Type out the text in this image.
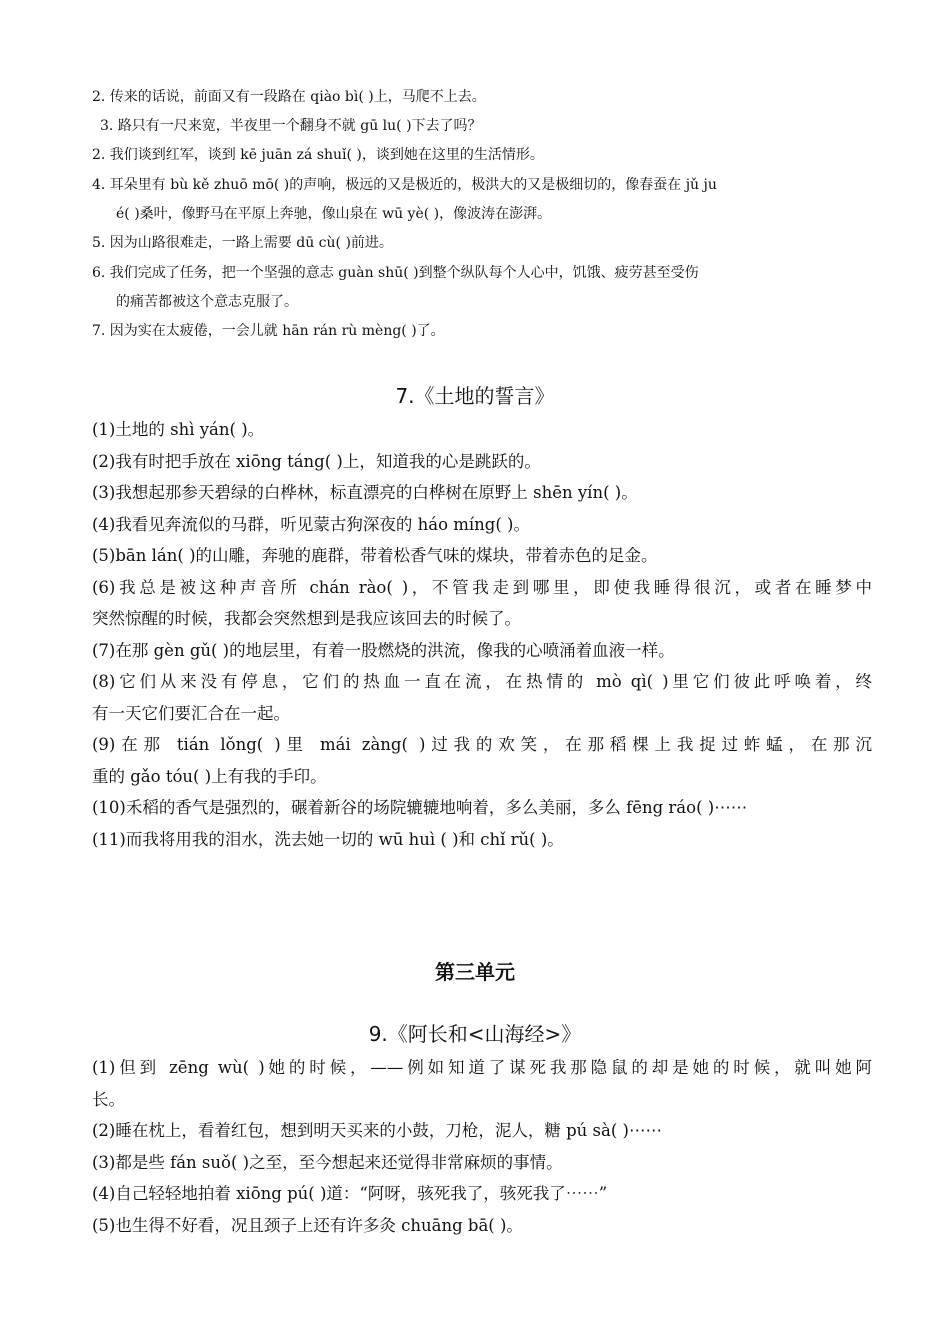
2. 传来的话说，前面又有一段路在 qiào bì( )上，马爬不上去。
3. 路只有一尺来宽，半夜里一个翻身不就 gū lu( )下去了吗？
2. 我们谈到红军，谈到 kē juān zá shuǐ( )，谈到她在这里的生活情形。
4. 耳朵里有 bù kě zhuō mō( )的声响，极远的又是极近的，极洪大的又是极细切的，像春蚕在 jǔ ju
é( )桑叶，像野马在平原上奔驰，像山泉在 wū yè( )，像波涛在澎湃。
5. 因为山路很难走，一路上需要 dū cù( )前进。
6. 我们完成了任务，把一个坚强的意志 guàn shū( )到整个纵队每个人心中，饥饿、疲劳甚至受伤
的痛苦都被这个意志克服了。
7. 因为实在太疲倦，一会儿就 hān rán rù mèng( )了。
7.《土地的誓言》
(1)土地的 shì yán( )。
(2)我有时把手放在 xiōng táng( )上，知道我的心是跳跃的。
(3)我想起那参天碧绿的白桦林，标直漂亮的白桦树在原野上 shēn yín( )。
(4)我看见奔流似的马群，听见蒙古狗深夜的 háo míng( )。
(5)bān lán( )的山雕，奔驰的鹿群，带着松香气味的煤块，带着赤色的足金。
(6)我总是被这种声音所 chán rào( )，不管我走到哪里，即使我睡得很沉，或者在睡梦中
突然惊醒的时候，我都会突然想到是我应该回去的时候了。
(7)在那 gèn gǔ( )的地层里，有着一股燃烧的洪流，像我的心喷涌着血液一样。
(8)它们从来没有停息，它们的热血一直在流，在热情的 mò qì( )里它们彼此呼唤着，终
有一天它们要汇合在一起。
(9)在那 tián lǒng( )里 mái zàng( )过我的欢笑，在那稻棵上我捉过蚱蜢，在那沉
重的 gǎo tóu( )上有我的手印。
(10)禾稻的香气是强烈的，碾着新谷的场院辘辘地响着，多么美丽，多么 fēng ráo( )⋯⋯
(11)而我将用我的泪水，洗去她一切的 wū huì ( )和 chǐ rǔ( )。
第三单元
9.《阿长和<山海经>》
(1)但到 zēng wù( )她的时候，——例如知道了谋死我那隐鼠的却是她的时候，就叫她阿
长。
(2)睡在枕上，看着红包，想到明天买来的小鼓，刀枪，泥人，糖 pú sà( )⋯⋯
(3)都是些 fán suǒ( )之至，至今想起来还觉得非常麻烦的事情。
(4)自己轻轻地拍着 xiōng pú( )道：“阿呀，骇死我了，骇死我了⋯⋯”
(5)也生得不好看，况且颈子上还有许多灸 chuāng bā( )。
